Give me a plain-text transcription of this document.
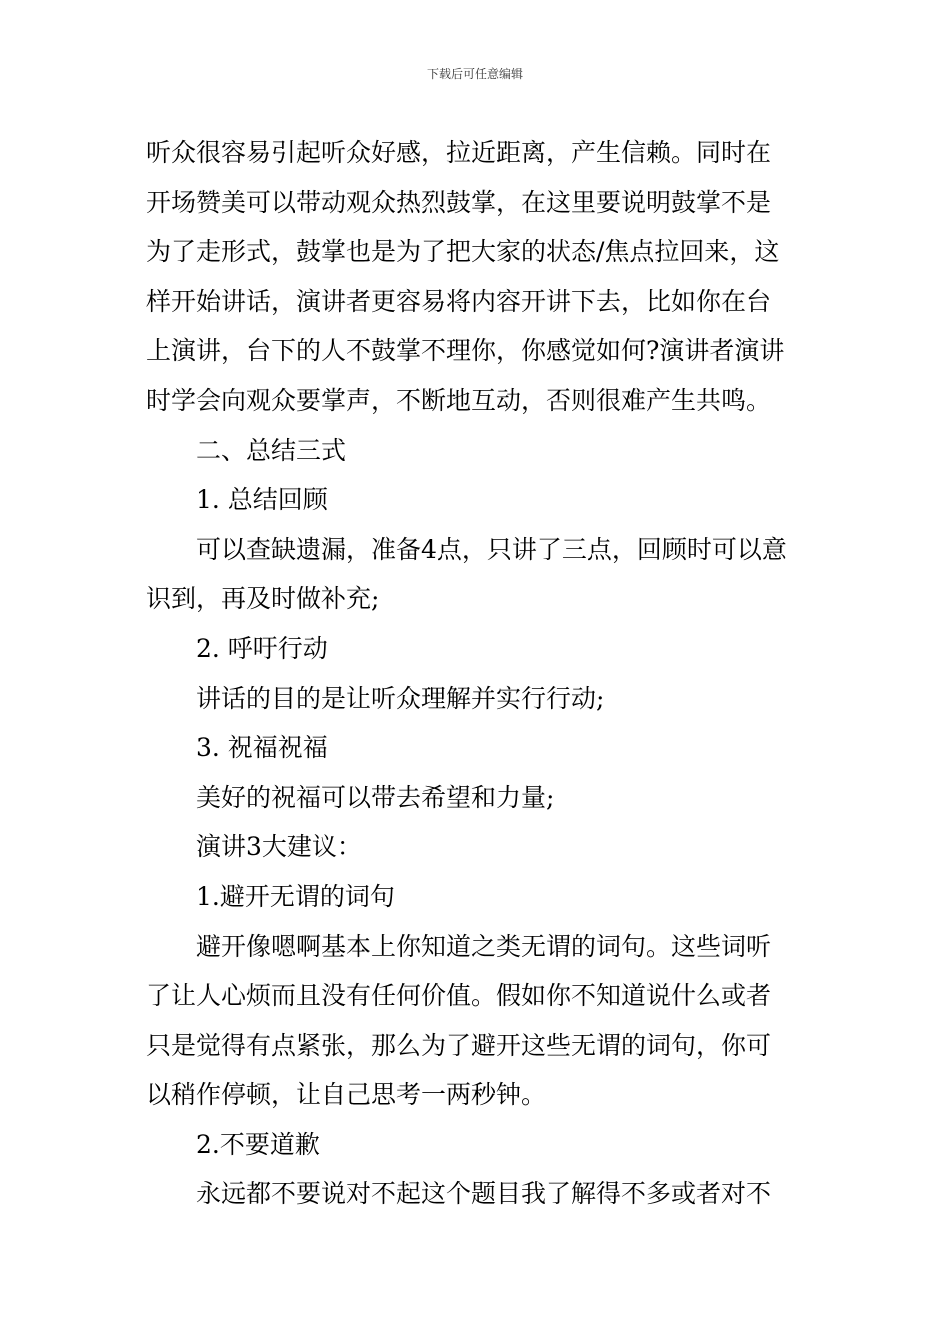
下载后可任意编辑
听众很容易引起听众好感，拉近距离，产生信赖。同时在
开场赞美可以带动观众热烈鼓掌，在这里要说明鼓掌不是
为了走形式，鼓掌也是为了把大家的状态/焦点拉回来，这
样开始讲话，演讲者更容易将内容开讲下去，比如你在台
上演讲，台下的人不鼓掌不理你，你感觉如何?演讲者演讲
时学会向观众要掌声，不断地互动，否则很难产生共鸣。
二、总结三式
1. 总结回顾
可以查缺遗漏，准备4点，只讲了三点，回顾时可以意
识到，再及时做补充;
2. 呼吁行动
讲话的目的是让听众理解并实行行动;
3. 祝福祝福
美好的祝福可以带去希望和力量;
演讲3大建议：
1.避开无谓的词句
避开像嗯啊基本上你知道之类无谓的词句。这些词听
了让人心烦而且没有任何价值。假如你不知道说什么或者
只是觉得有点紧张，那么为了避开这些无谓的词句，你可
以稍作停顿，让自己思考一两秒钟。
2.不要道歉
永远都不要说对不起这个题目我了解得不多或者对不
